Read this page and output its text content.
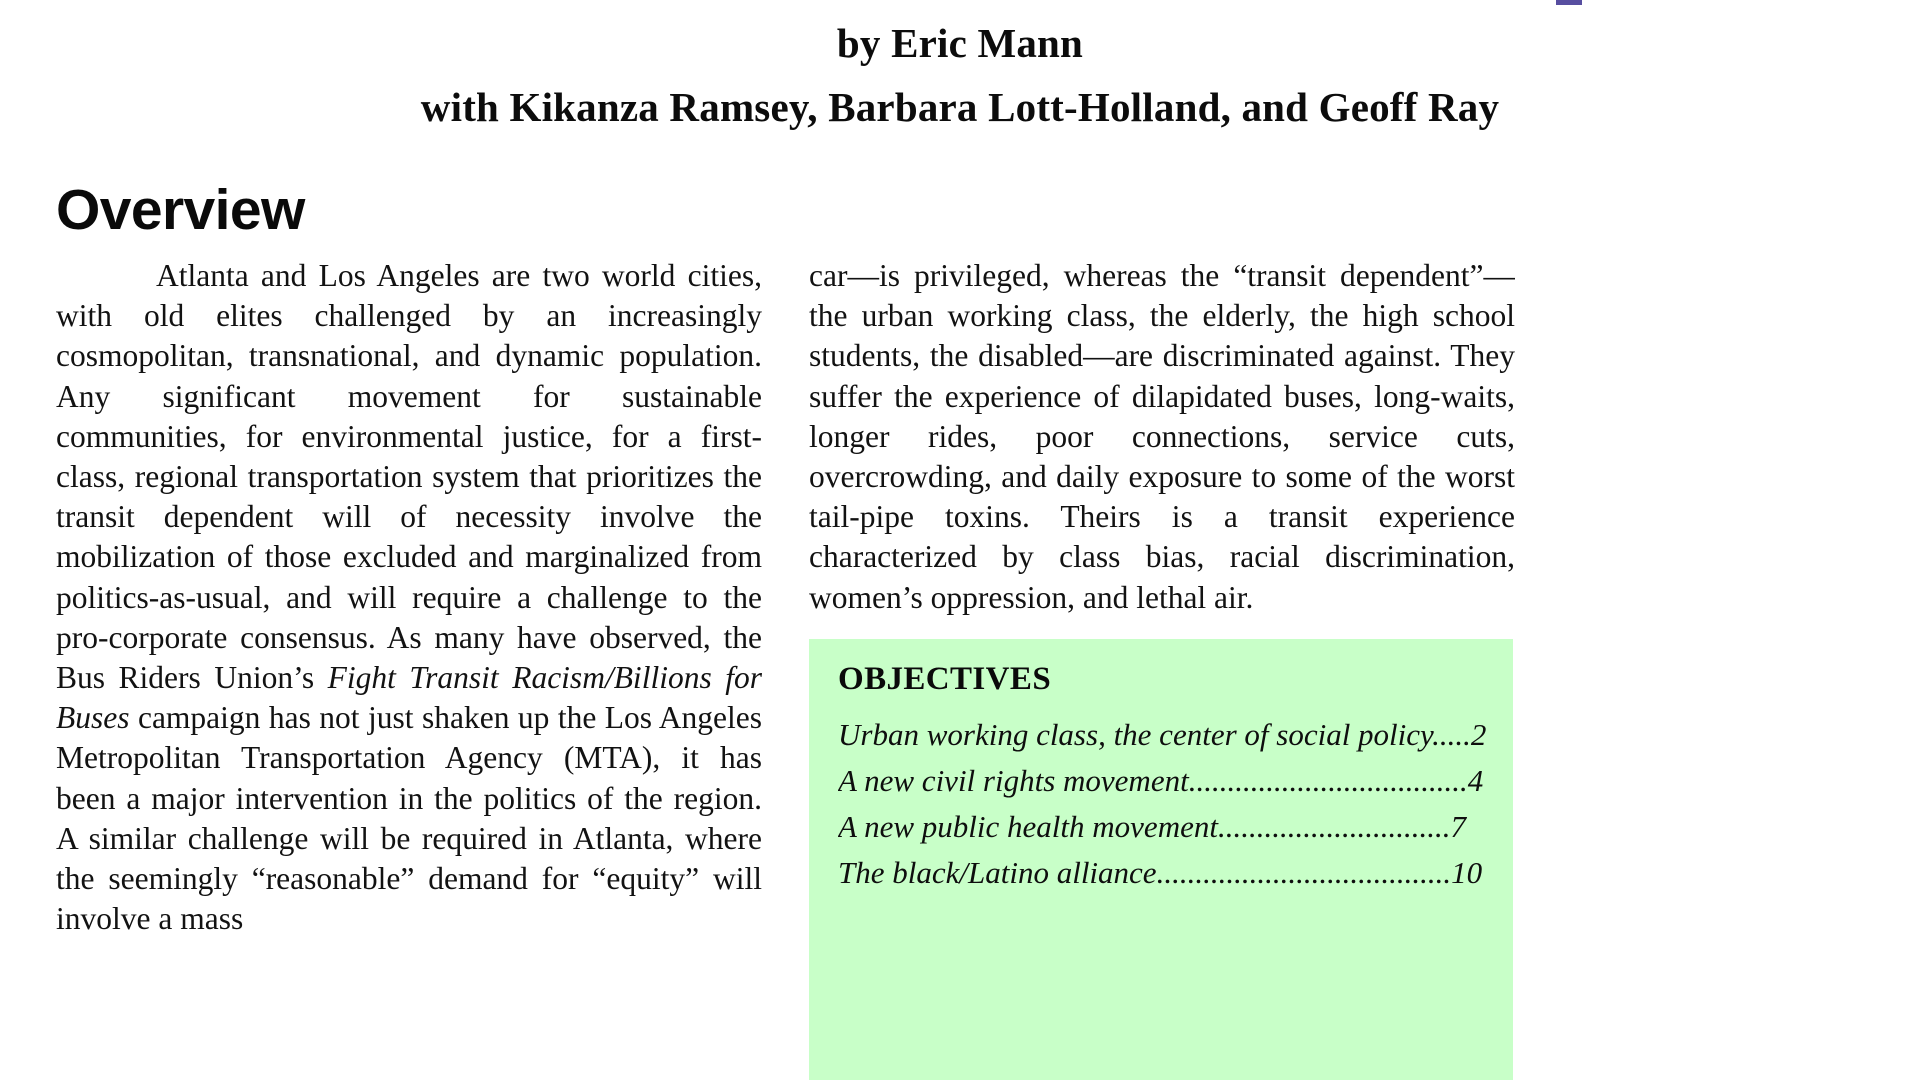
by Eric Mann
with Kikanza Ramsey, Barbara Lott-Holland, and Geoff Ray
Overview

Atlanta and Los Angeles are two world cities, with old elites challenged by an increasingly cosmopolitan, transnational, and dynamic population. Any significant movement for sustainable communities, for environmental justice, for a first-class, regional transportation system that prioritizes the transit dependent will of necessity involve the mobilization of those excluded and marginalized from politics-as-usual, and will require a challenge to the pro-corporate consensus. As many have observed, the Bus Riders Union’s Fight Transit Racism/Billions for Buses campaign has not just shaken up the Los Angeles Metropolitan Transportation Agency (MTA), it has been a major intervention in the politics of the region. A similar challenge will be required in Atlanta, where the seemingly “reasonable” demand for “equity” will involve a mass

car—is privileged, whereas the “transit dependent”—the urban working class, the elderly, the high school students, the disabled—are discriminated against. They suffer the experience of dilapidated buses, long-waits, longer rides, poor connections, service cuts, overcrowding, and daily exposure to some of the worst tail-pipe toxins. Theirs is a transit experience characterized by class bias, racial discrimination, women’s oppression, and lethal air.

OBJECTIVES
Urban working class, the center of social policy.....2
A new civil rights movement....................................4
A new public health movement..............................7
The black/Latino alliance......................................10
